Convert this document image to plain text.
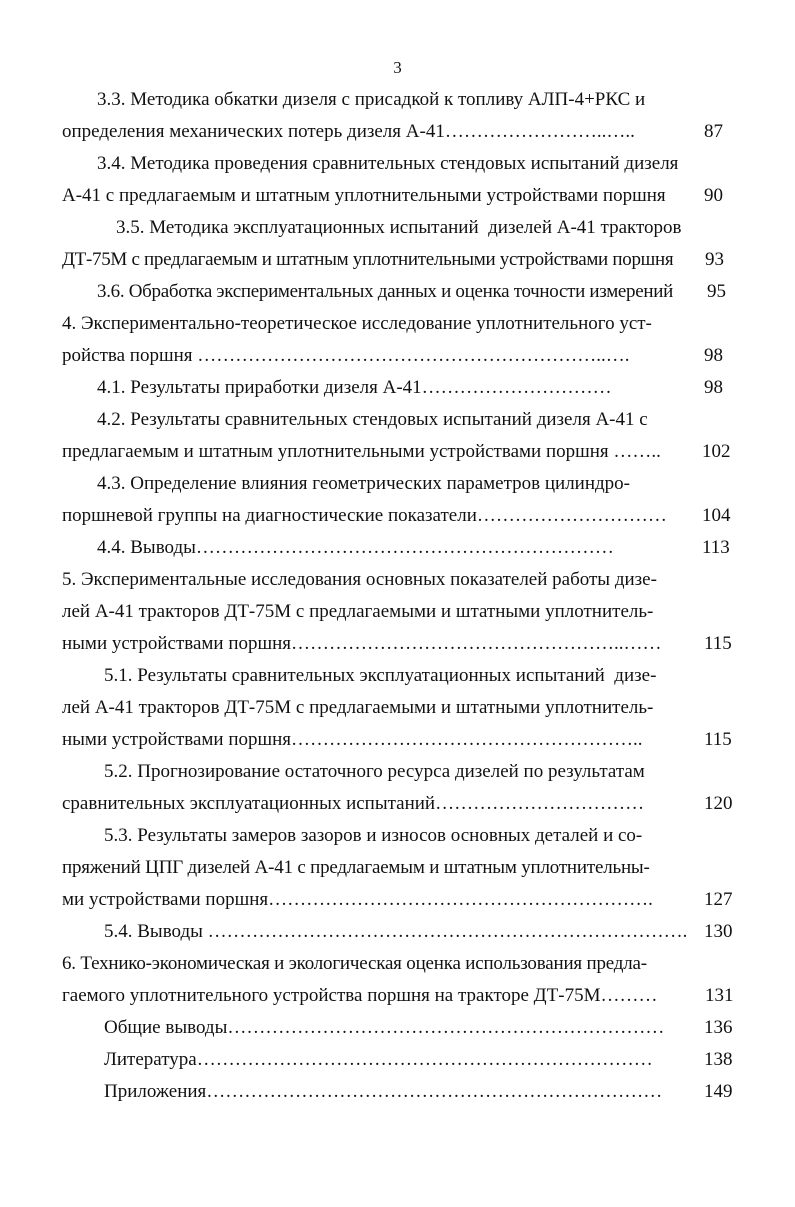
3
3.3. Методика обкатки дизеля с присадкой к топливу АЛП-4+РКС и
определения механических потерь дизеля А-41……………………..…..	87
3.4. Методика проведения сравнительных стендовых испытаний дизеля
А-41 с предлагаемым и штатным уплотнительными устройствами поршня 90
3.5. Методика эксплуатационных испытаний  дизелей А-41 тракторов
ДТ-75М с предлагаемым и штатным уплотнительными устройствами поршня 93
3.6. Обработка экспериментальных данных и оценка точности измерений 95
4. Экспериментально-теоретическое исследование уплотнительного уст-
ройства поршня ………………………………………………………..….	98
4.1. Результаты приработки дизеля А-41…………………………	98
4.2. Результаты сравнительных стендовых испытаний дизеля А-41 с
предлагаемым и штатным уплотнительными устройствами поршня …….. 102
4.3. Определение влияния геометрических параметров цилиндро-
поршневой группы на диагностические показатели………………………… 104
4.4. Выводы…………………………………………………………	113
5. Экспериментальные исследования основных показателей работы дизе-
лей А-41 тракторов ДТ-75М с предлагаемыми и штатными уплотнитель-
ными устройствами поршня……………………………………………..…… 115
5.1. Результаты сравнительных эксплуатационных испытаний  дизе-
лей А-41 тракторов ДТ-75М с предлагаемыми и штатными уплотнитель-
ными устройствами поршня………………………………………………..	115
5.2. Прогнозирование остаточного ресурса дизелей по результатам
сравнительных эксплуатационных испытаний……………………………	120
5.3. Результаты замеров зазоров и износов основных деталей и со-
пряжений ЦПГ дизелей А-41 с предлагаемым и штатным уплотнительны-
ми устройствами поршня…………………………………………………….	127
5.4. Выводы …………………………………………………………………. 130
6. Технико-экономическая и экологическая оценка использования предла-
гаемого уплотнительного устройства поршня на тракторе ДТ-75М………	131
Общие выводы…………………………………………………………… 136
Литература………………………………………………………………	138
Приложения……………………………………………………………… 149
